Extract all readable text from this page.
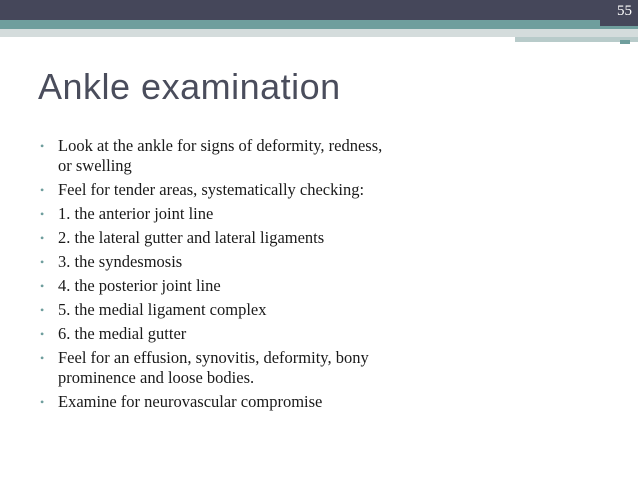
55
Ankle examination
• Look at the ankle for signs of deformity, redness, or swelling
• Feel for tender areas, systematically checking:
• 1. the anterior joint line
• 2. the lateral gutter and lateral ligaments
• 3. the syndesmosis
• 4. the posterior joint line
• 5. the medial ligament complex
• 6. the medial gutter
• Feel for an effusion, synovitis, deformity, bony prominence and loose bodies.
• Examine for neurovascular compromise
